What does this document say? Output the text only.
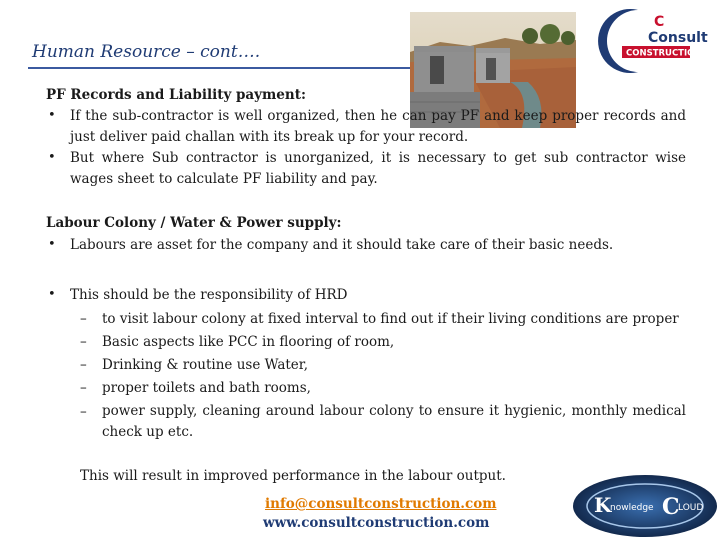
Human Resource – cont….
C
Consult
CONSTRUCTION
PF Records and Liability payment:
• If the sub-contractor is well organized, then he can pay PF and keep proper records and just deliver paid challan with its break up for your record.
• But where Sub contractor is unorganized, it is necessary to get sub contractor wise wages sheet to calculate PF liability and pay.
Labour Colony / Water & Power supply:
• Labours are asset for the company and it should take care of their basic needs.
• This should be the responsibility of HRD
– to visit labour colony at fixed interval to find out if their living conditions are proper
– Basic aspects like PCC in flooring of room,
– Drinking & routine use Water,
– proper toilets and bath rooms,
– power supply, cleaning around labour colony to ensure it hygienic, monthly medical check up etc.
This will result in improved performance in the labour output.
info@consultconstruction.com
www.consultconstruction.com
K
nowledge C
LOUD
